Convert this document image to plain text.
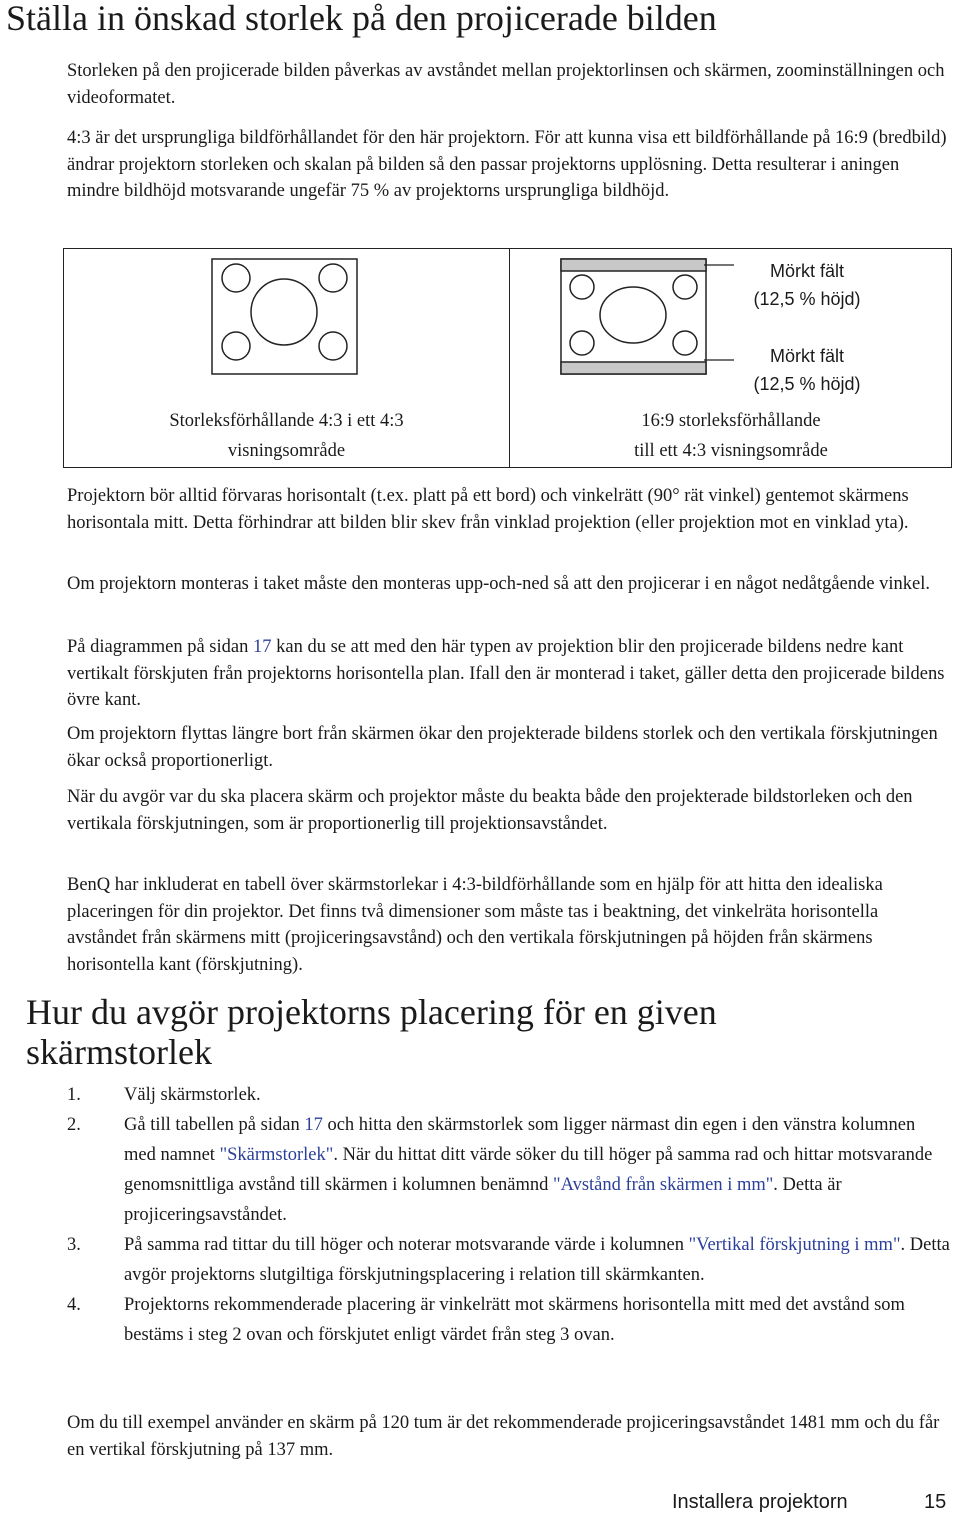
Ställa in önskad storlek på den projicerade bilden

Storleken på den projicerade bilden påverkas av avståndet mellan projektorlinsen och skärmen, zoominställningen och videoformatet.

4:3 är det ursprungliga bildförhållandet för den här projektorn. För att kunna visa ett bildförhållande på 16:9 (bredbild) ändrar projektorn storleken och skalan på bilden så den passar projektorns upplösning. Detta resulterar i aningen mindre bildhöjd motsvarande ungefär 75 % av projektorns ursprungliga bildhöjd.

Mörkt fält
(12,5 % höjd)

Mörkt fält
(12,5 % höjd)

Storleksförhållande 4:3 i ett 4:3
visningsområde

16:9 storleksförhållande
till ett 4:3 visningsområde

Projektorn bör alltid förvaras horisontalt (t.ex. platt på ett bord) och vinkelrätt (90° rät vinkel) gentemot skärmens horisontala mitt. Detta förhindrar att bilden blir skev från vinklad projektion (eller projektion mot en vinklad yta).

Om projektorn monteras i taket måste den monteras upp-och-ned så att den projicerar i en något nedåtgående vinkel.

På diagrammen på sidan 17 kan du se att med den här typen av projektion blir den projicerade bildens nedre kant vertikalt förskjuten från projektorns horisontella plan. Ifall den är monterad i taket, gäller detta den projicerade bildens övre kant.

Om projektorn flyttas längre bort från skärmen ökar den projekterade bildens storlek och den vertikala förskjutningen ökar också proportionerligt.

När du avgör var du ska placera skärm och projektor måste du beakta både den projekterade bildstorleken och den vertikala förskjutningen, som är proportionerlig till projektionsavståndet.

BenQ har inkluderat en tabell över skärmstorlekar i 4:3-bildförhållande som en hjälp för att hitta den idealiska placeringen för din projektor. Det finns två dimensioner som måste tas i beaktning, det vinkelräta horisontella avståndet från skärmens mitt (projiceringsavstånd) och den vertikala förskjutningen på höjden från skärmens horisontella kant (förskjutning).

Hur du avgör projektorns placering för en given skärmstorlek
1. Välj skärmstorlek.
2. Gå till tabellen på sidan 17 och hitta den skärmstorlek som ligger närmast din egen i den vänstra kolumnen med namnet "Skärmstorlek". När du hittat ditt värde söker du till höger på samma rad och hittar motsvarande genomsnittliga avstånd till skärmen i kolumnen benämnd "Avstånd från skärmen i mm". Detta är projiceringsavståndet.
3. På samma rad tittar du till höger och noterar motsvarande värde i kolumnen "Vertikal förskjutning i mm". Detta avgör projektorns slutgiltiga förskjutningsplacering i relation till skärmkanten.
4. Projektorns rekommenderade placering är vinkelrätt mot skärmens horisontella mitt med det avstånd som bestäms i steg 2 ovan och förskjutet enligt värdet från steg 3 ovan.

Om du till exempel använder en skärm på 120 tum är det rekommenderade projiceringsavståndet 1481 mm och du får en vertikal förskjutning på 137 mm.

Installera projektorn	15
